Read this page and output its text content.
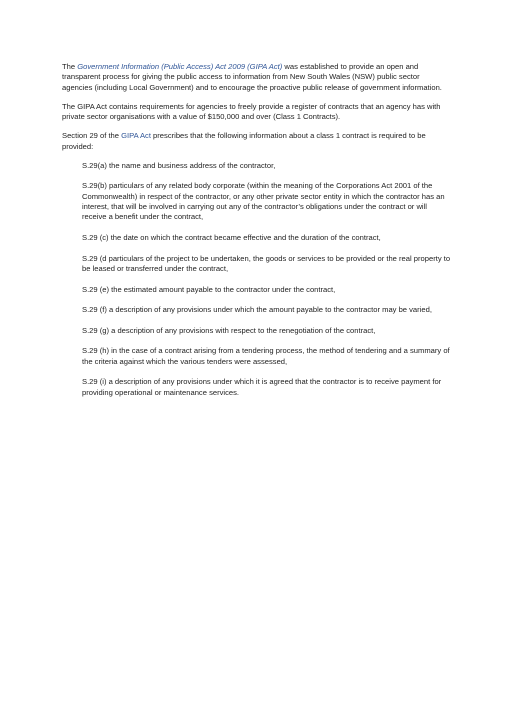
The Government Information (Public Access) Act 2009 (GIPA Act) was established to provide an open and transparent process for giving the public access to information from New South Wales (NSW) public sector agencies (including Local Government) and to encourage the proactive public release of government information.

The GIPA Act contains requirements for agencies to freely provide a register of contracts that an agency has with private sector organisations with a value of $150,000 and over (Class 1 Contracts).

Section 29 of the GIPA Act prescribes that the following information about a class 1 contract is required to be provided:

S.29(a) the name and business address of the contractor,

S.29(b) particulars of any related body corporate (within the meaning of the Corporations Act 2001 of the Commonwealth) in respect of the contractor, or any other private sector entity in which the contractor has an interest, that will be involved in carrying out any of the contractor’s obligations under the contract or will receive a benefit under the contract,

S.29 (c) the date on which the contract became effective and the duration of the contract,

S.29 (d particulars of the project to be undertaken, the goods or services to be provided or the real property to be leased or transferred under the contract,

S.29 (e) the estimated amount payable to the contractor under the contract,

S.29 (f) a description of any provisions under which the amount payable to the contractor may be varied,

S.29 (g) a description of any provisions with respect to the renegotiation of the contract,

S.29 (h) in the case of a contract arising from a tendering process, the method of tendering and a summary of the criteria against which the various tenders were assessed,

S.29 (i) a description of any provisions under which it is agreed that the contractor is to receive payment for providing operational or maintenance services.
